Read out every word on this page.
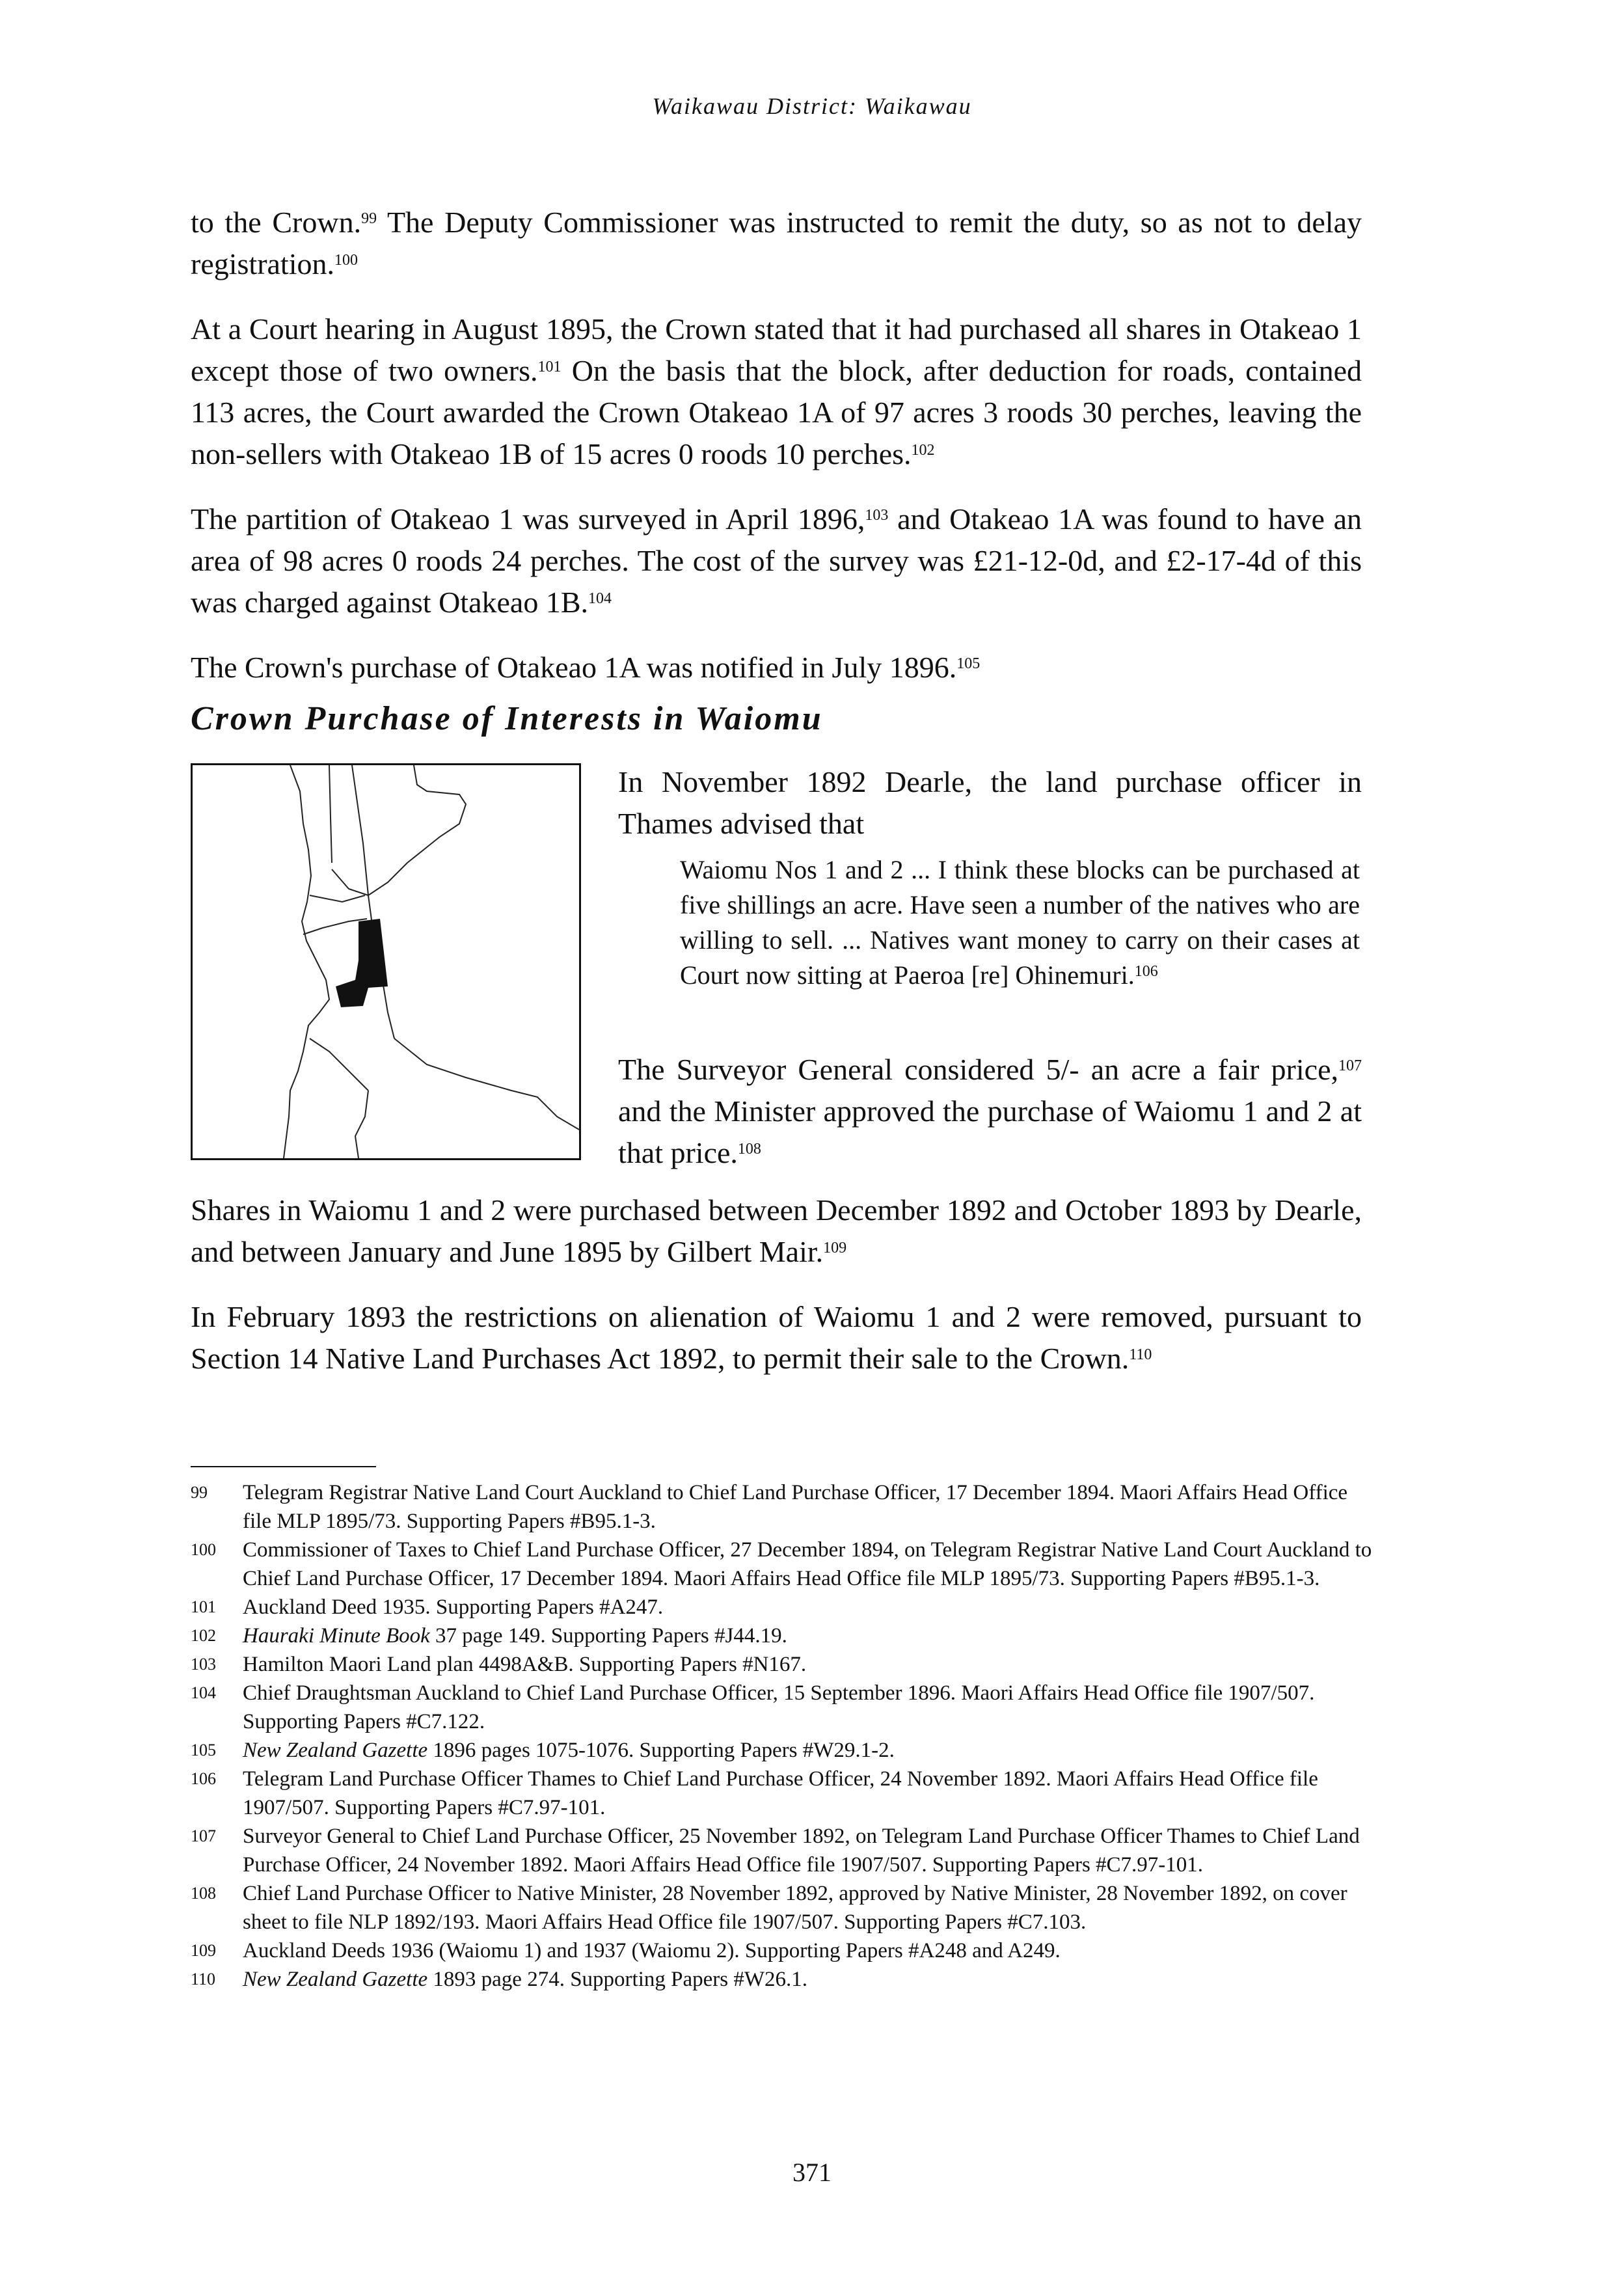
Waikawau District: Waikawau

to the Crown.$^{99}$ The Deputy Commissioner was instructed to remit the duty, so as not to delay registration.$^{100}$

At a Court hearing in August 1895, the Crown stated that it had purchased all shares in Otakeao 1 except those of two owners.$^{101}$ On the basis that the block, after deduction for roads, contained 113 acres, the Court awarded the Crown Otakeao 1A of 97 acres 3 roods 30 perches, leaving the non-sellers with Otakeao 1B of 15 acres 0 roods 10 perches.$^{102}$

The partition of Otakeao 1 was surveyed in April 1896,$^{103}$ and Otakeao 1A was found to have an area of 98 acres 0 roods 24 perches. The cost of the survey was £21-12-0d, and £2-17-4d of this was charged against Otakeao 1B.$^{104}$

The Crown's purchase of Otakeao 1A was notified in July 1896.$^{105}$

Crown Purchase of Interests in Waiomu
In November 1892 Dearle, the land purchase officer in Thames advised that
Waiomu Nos 1 and 2 ... I think these blocks can be purchased at five shillings an acre. Have seen a number of the natives who are willing to sell. ... Natives want money to carry on their cases at Court now sitting at Paeroa [re] Ohinemuri.$^{106}$
The Surveyor General considered 5/- an acre a fair price,$^{107}$ and the Minister approved the purchase of Waiomu 1 and 2 at that price.$^{108}$

Shares in Waiomu 1 and 2 were purchased between December 1892 and October 1893 by Dearle, and between January and June 1895 by Gilbert Mair.$^{109}$

In February 1893 the restrictions on alienation of Waiomu 1 and 2 were removed, pursuant to Section 14 Native Land Purchases Act 1892, to permit their sale to the Crown.$^{110}$

99	Telegram Registrar Native Land Court Auckland to Chief Land Purchase Officer, 17 December 1894. Maori Affairs Head Office file MLP 1895/73. Supporting Papers #B95.1-3.
100	Commissioner of Taxes to Chief Land Purchase Officer, 27 December 1894, on Telegram Registrar Native Land Court Auckland to Chief Land Purchase Officer, 17 December 1894. Maori Affairs Head Office file MLP 1895/73. Supporting Papers #B95.1-3.
101	Auckland Deed 1935. Supporting Papers #A247.
102	Hauraki Minute Book 37 page 149. Supporting Papers #J44.19.
103	Hamilton Maori Land plan 4498A&B. Supporting Papers #N167.
104	Chief Draughtsman Auckland to Chief Land Purchase Officer, 15 September 1896. Maori Affairs Head Office file 1907/507. Supporting Papers #C7.122.
105	New Zealand Gazette 1896 pages 1075-1076. Supporting Papers #W29.1-2.
106	Telegram Land Purchase Officer Thames to Chief Land Purchase Officer, 24 November 1892. Maori Affairs Head Office file 1907/507. Supporting Papers #C7.97-101.
107	Surveyor General to Chief Land Purchase Officer, 25 November 1892, on Telegram Land Purchase Officer Thames to Chief Land Purchase Officer, 24 November 1892. Maori Affairs Head Office file 1907/507. Supporting Papers #C7.97-101.
108	Chief Land Purchase Officer to Native Minister, 28 November 1892, approved by Native Minister, 28 November 1892, on cover sheet to file NLP 1892/193. Maori Affairs Head Office file 1907/507. Supporting Papers #C7.103.
109	Auckland Deeds 1936 (Waiomu 1) and 1937 (Waiomu 2). Supporting Papers #A248 and A249.
110	New Zealand Gazette 1893 page 274. Supporting Papers #W26.1.
371
